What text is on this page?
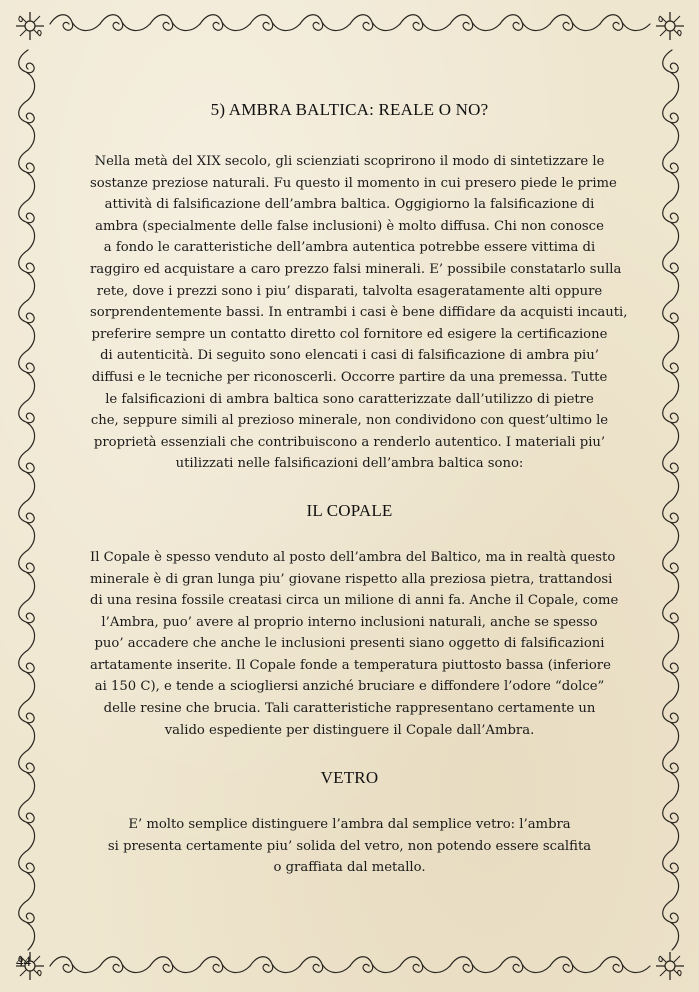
5) AMBRA BALTICA: REALE O NO?
Nella metà del XIX secolo, gli scienziati scoprirono il modo di sintetizzare le
sostanze preziose naturali. Fu questo il momento in cui presero piede le prime
attività di falsificazione dell’ambra baltica. Oggigiorno la falsificazione di
ambra (specialmente delle false inclusioni) è molto diffusa. Chi non conosce
a fondo le caratteristiche dell’ambra autentica potrebbe essere vittima di
raggiro ed acquistare a caro prezzo falsi minerali. E’ possibile constatarlo sulla
rete, dove i prezzi sono i piu’ disparati, talvolta esageratamente alti oppure
sorprendentemente bassi. In entrambi i casi è bene diffidare da acquisti incauti,
preferire sempre un contatto diretto col fornitore ed esigere la certificazione
di autenticità. Di seguito sono elencati i casi di falsificazione di ambra piu’
diffusi e le tecniche per riconoscerli. Occorre partire da una premessa. Tutte
le falsificazioni di ambra baltica sono caratterizzate dall’utilizzo di pietre
che, seppure simili al prezioso minerale, non condividono con quest’ultimo le
proprietà essenziali che contribuiscono a renderlo autentico. I materiali piu’
utilizzati nelle falsificazioni dell’ambra baltica sono:
IL COPALE
Il Copale è spesso venduto al posto dell’ambra del Baltico, ma in realtà questo
minerale è di gran lunga piu’ giovane rispetto alla preziosa pietra, trattandosi
di una resina fossile creatasi circa un milione di anni fa. Anche il Copale, come
l’Ambra, puo’ avere al proprio interno inclusioni naturali, anche se spesso
puo’ accadere che anche le inclusioni presenti siano oggetto di falsificazioni
artatamente inserite. Il Copale fonde a temperatura piuttosto bassa (inferiore
ai 150 C), e tende a sciogliersi anziché bruciare e diffondere l’odore “dolce”
delle resine che brucia. Tali caratteristiche rappresentano certamente un
valido espediente per distinguere il Copale dall’Ambra.
VETRO
E’ molto semplice distinguere l’ambra dal semplice vetro: l’ambra
si presenta certamente piu’ solida del vetro, non potendo essere scalfita
o graffiata dal metallo.
44
